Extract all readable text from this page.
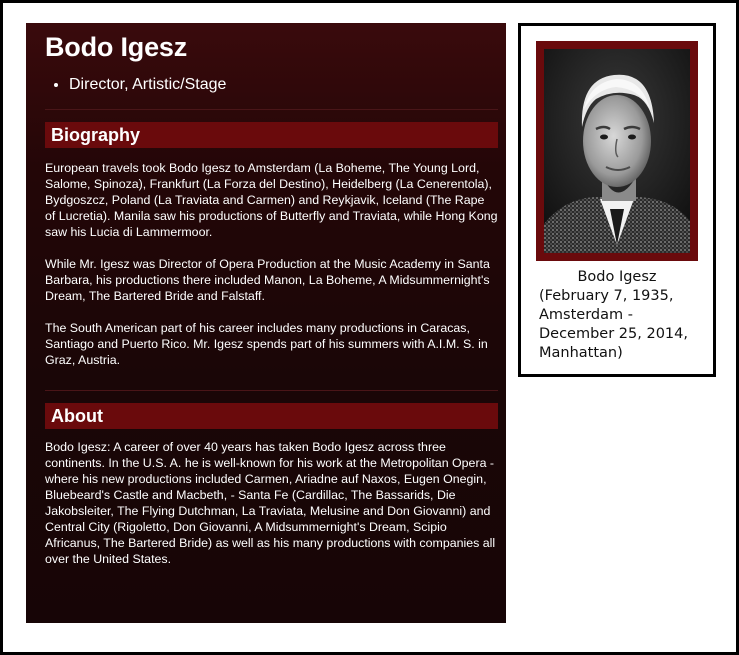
Bodo Igesz
• Director, Artistic/Stage
Biography

European travels took Bodo Igesz to Amsterdam (La Boheme, The Young Lord, Salome, Spinoza), Frankfurt (La Forza del Destino), Heidelberg (La Cenerentola), Bydgoszcz, Poland (La Traviata and Carmen) and Reykjavik, Iceland (The Rape of Lucretia). Manila saw his productions of Butterfly and Traviata, while Hong Kong saw his Lucia di Lammermoor.

While Mr. Igesz was Director of Opera Production at the Music Academy in Santa Barbara, his productions there included Manon, La Boheme, A Midsummernight's Dream, The Bartered Bride and Falstaff.

The South American part of his career includes many productions in Caracas, Santiago and Puerto Rico. Mr. Igesz spends part of his summers with A.I.M. S. in Graz, Austria.

About

Bodo Igesz: A career of over 40 years has taken Bodo Igesz across three continents. In the U.S. A. he is well-known for his work at the Metropolitan Opera - where his new productions included Carmen, Ariadne auf Naxos, Eugen Onegin, Bluebeard's Castle and Macbeth, - Santa Fe (Cardillac, The Bassarids, Die Jakobsleiter, The Flying Dutchman, La Traviata, Melusine and Don Giovanni) and Central City (Rigoletto, Don Giovanni, A Midsummernight's Dream, Scipio Africanus, The Bartered Bride) as well as his many productions with companies all over the United States.

Bodo Igesz
(February 7, 1935, Amsterdam - December 25, 2014, Manhattan)
